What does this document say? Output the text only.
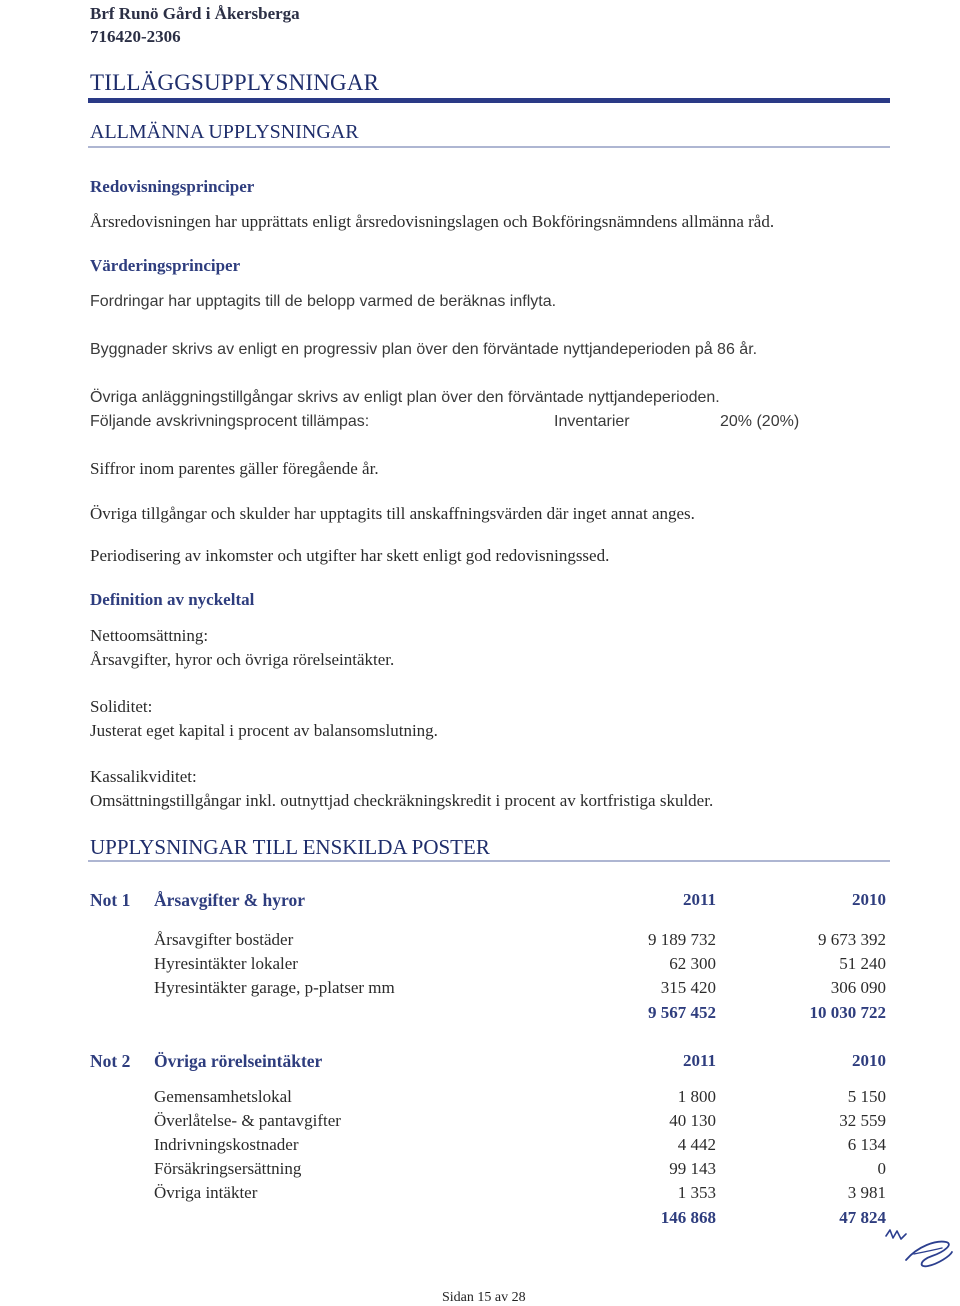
Brf Runö Gård i Åkersberga
716420-2306
TILLÄGGSUPPLYSNINGAR
ALLMÄNNA UPPLYSNINGAR
Redovisningsprinciper
Årsredovisningen har upprättats enligt årsredovisningslagen och Bokföringsnämndens allmänna råd.
Värderingsprinciper
Fordringar har upptagits till de belopp varmed de beräknas inflyta.
Byggnader skrivs av enligt en progressiv plan över den förväntade nyttjandeperioden på 86 år.
Övriga anläggningstillgångar skrivs av enligt plan över den förväntade nyttjandeperioden.
Följande avskrivningsprocent tillämpas:	Inventarier	20% (20%)
Siffror inom parentes gäller föregående år.
Övriga tillgångar och skulder har upptagits till anskaffningsvärden där inget annat anges.
Periodisering av inkomster och utgifter har skett enligt god redovisningssed.
Definition av nyckeltal
Nettoomsättning:
Årsavgifter, hyror och övriga rörelseintäkter.
Soliditet:
Justerat eget kapital i procent av balansomslutning.
Kassalikviditet:
Omsättningstillgångar inkl. outnyttjad checkräkningskredit i procent av kortfristiga skulder.
UPPLYSNINGAR TILL ENSKILDA POSTER
Not 1 Årsavgifter & hyror	2011	2010
Årsavgifter bostäder	9 189 732	9 673 392
Hyresintäkter lokaler	62 300	51 240
Hyresintäkter garage, p-platser mm	315 420	306 090
9 567 452	10 030 722
Not 2 Övriga rörelseintäkter	2011	2010
Gemensamhetslokal	1 800	5 150
Överlåtelse- & pantavgifter	40 130	32 559
Indrivningskostnader	4 442	6 134
Försäkringsersättning	99 143	0
Övriga intäkter	1 353	3 981
146 868	47 824
Sidan 15 av 28
